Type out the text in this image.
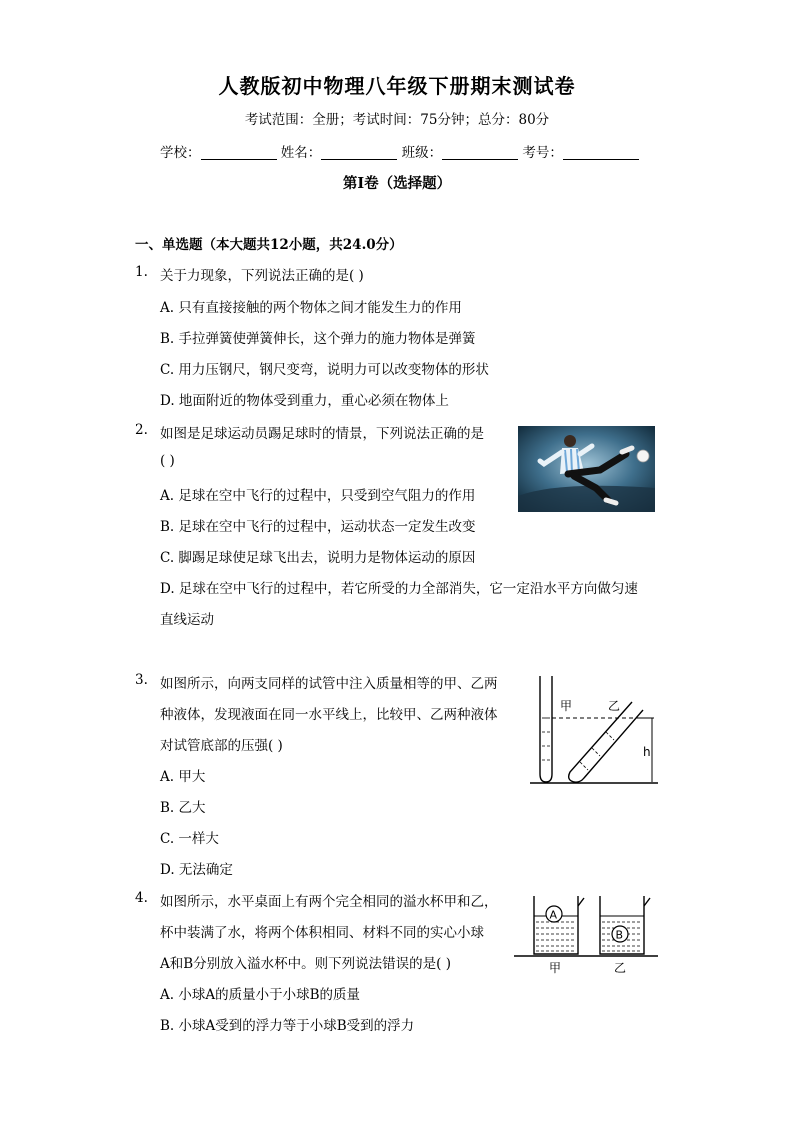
人教版初中物理八年级下册期末测试卷
考试范围：全册；考试时间：75分钟；总分：80分
学校：	姓名：	班级：	考号：
第I卷（选择题）
一、单选题（本大题共12小题，共24.0分）
1. 关于力现象，下列说法正确的是( )
A. 只有直接接触的两个物体之间才能发生力的作用
B. 手拉弹簧使弹簧伸长，这个弹力的施力物体是弹簧
C. 用力压钢尺，钢尺变弯，说明力可以改变物体的形状
D. 地面附近的物体受到重力，重心必须在物体上
2. 如图是足球运动员踢足球时的情景，下列说法正确的是
( )
A. 足球在空中飞行的过程中，只受到空气阻力的作用
B. 足球在空中飞行的过程中，运动状态一定发生改变
C. 脚踢足球使足球飞出去，说明力是物体运动的原因
D. 足球在空中飞行的过程中，若它所受的力全部消失，它一定沿水平方向做匀速
直线运动
3. 如图所示，向两支同样的试管中注入质量相等的甲、乙两
种液体，发现液面在同一水平线上，比较甲、乙两种液体
对试管底部的压强( )
A. 甲大
B. 乙大
C. 一样大
D. 无法确定
甲	乙
h
4. 如图所示，水平桌面上有两个完全相同的溢水杯甲和乙，
杯中装满了水，将两个体积相同、材料不同的实心小球
A和B分别放入溢水杯中。则下列说法错误的是( )
A. 小球A的质量小于小球B的质量
B. 小球A受到的浮力等于小球B受到的浮力
A
B
甲	乙
